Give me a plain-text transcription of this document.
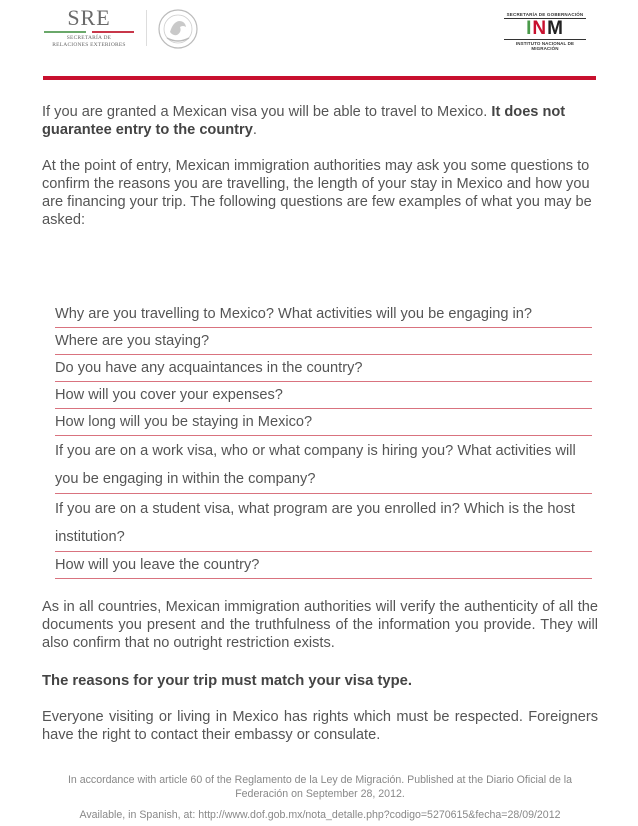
SRE
SECRETARÍA DE
RELACIONES EXTERIORES
SECRETARÍA DE GOBERNACIÓN
INM
INSTITUTO NACIONAL DE MIGRACIÓN
If you are granted a Mexican visa you will be able to travel to Mexico. It does not guarantee entry to the country.
At the point of entry, Mexican immigration authorities may ask you some questions to confirm the reasons you are travelling, the length of your stay in Mexico and how you are financing your trip. The following questions are few examples of what you may be asked:
Why are you travelling to Mexico? What activities will you be engaging in?
Where are you staying?
Do you have any acquaintances in the country?
How will you cover your expenses?
How long will you be staying in Mexico?
If you are on a work visa, who or what company is hiring you? What activities will you be engaging in within the company?
If you are on a student visa, what program are you enrolled in? Which is the host institution?
How will you leave the country?
As in all countries, Mexican immigration authorities will verify the authenticity of all the documents you present and the truthfulness of the information you provide. They will also confirm that no outright restriction exists.
The reasons for your trip must match your visa type.
Everyone visiting or living in Mexico has rights which must be respected. Foreigners have the right to contact their embassy or consulate.
In accordance with article 60 of the Reglamento de la Ley de Migración. Published at the Diario Oficial de la Federación on September 28, 2012.
Available, in Spanish, at: http://www.dof.gob.mx/nota_detalle.php?codigo=5270615&fecha=28/09/2012
